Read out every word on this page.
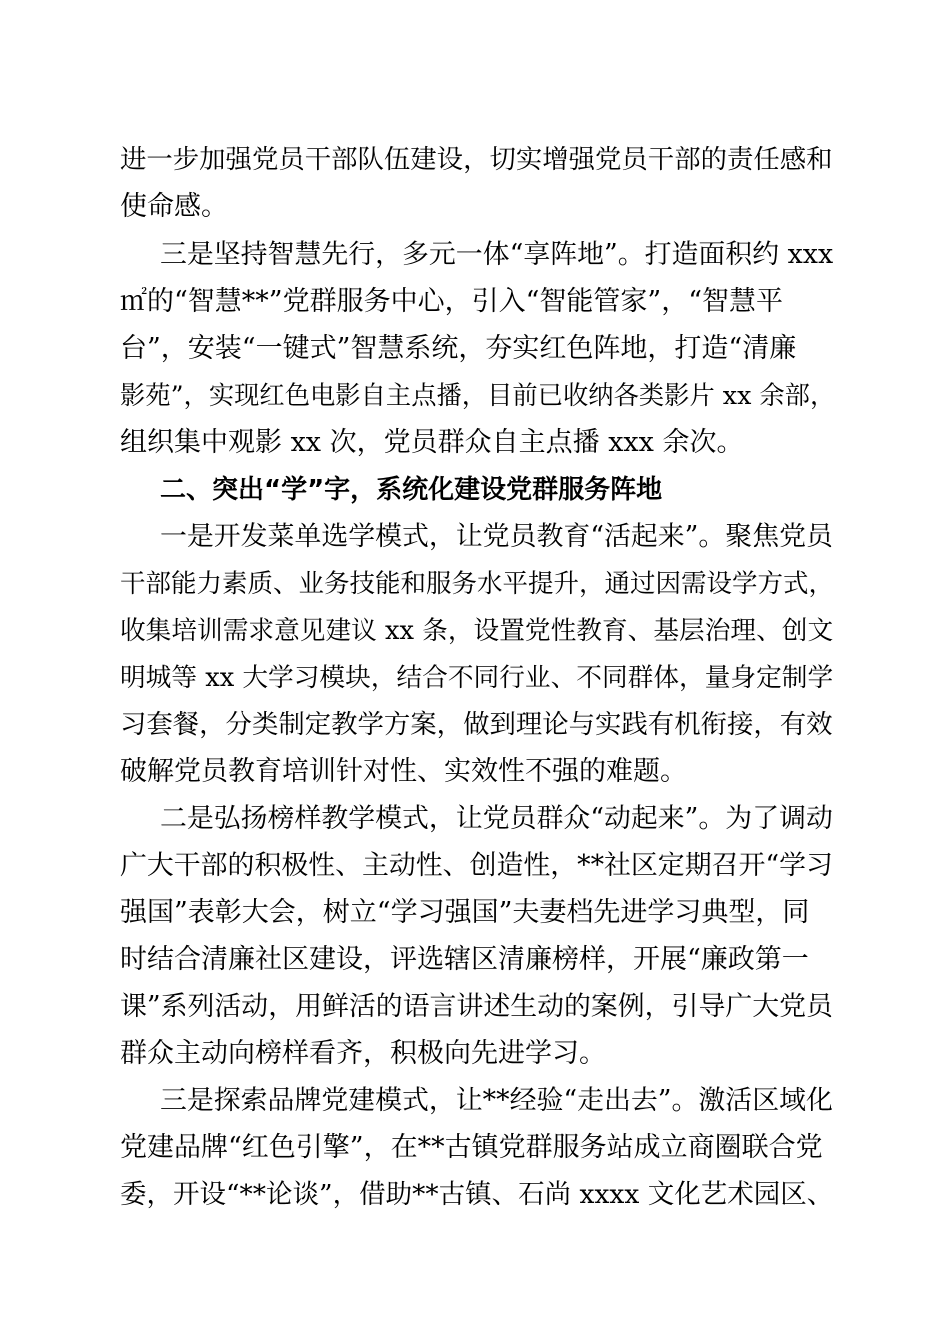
进一步加强党员干部队伍建设，切实增强党员干部的责任感和
使命感。
三是坚持智慧先行，多元一体“享阵地”。打造面积约 xxx
㎡的“智慧**”党群服务中心，引入“智能管家”，“智慧平
台”，安装“一键式”智慧系统，夯实红色阵地，打造“清廉
影苑”，实现红色电影自主点播，目前已收纳各类影片 xx 余部，
组织集中观影 xx 次，党员群众自主点播 xxx 余次。
二、突出“学”字，系统化建设党群服务阵地
一是开发菜单选学模式，让党员教育“活起来”。聚焦党员
干部能力素质、业务技能和服务水平提升，通过因需设学方式，
收集培训需求意见建议 xx 条，设置党性教育、基层治理、创文
明城等 xx 大学习模块，结合不同行业、不同群体，量身定制学
习套餐，分类制定教学方案，做到理论与实践有机衔接，有效
破解党员教育培训针对性、实效性不强的难题。
二是弘扬榜样教学模式，让党员群众“动起来”。为了调动
广大干部的积极性、主动性、创造性，**社区定期召开“学习
强国”表彰大会，树立“学习强国”夫妻档先进学习典型，同
时结合清廉社区建设，评选辖区清廉榜样，开展“廉政第一
课”系列活动，用鲜活的语言讲述生动的案例，引导广大党员
群众主动向榜样看齐，积极向先进学习。
三是探索品牌党建模式，让**经验“走出去”。激活区域化
党建品牌“红色引擎”，在**古镇党群服务站成立商圈联合党
委，开设“**论谈”，借助**古镇、石尚 xxxx 文化艺术园区、
